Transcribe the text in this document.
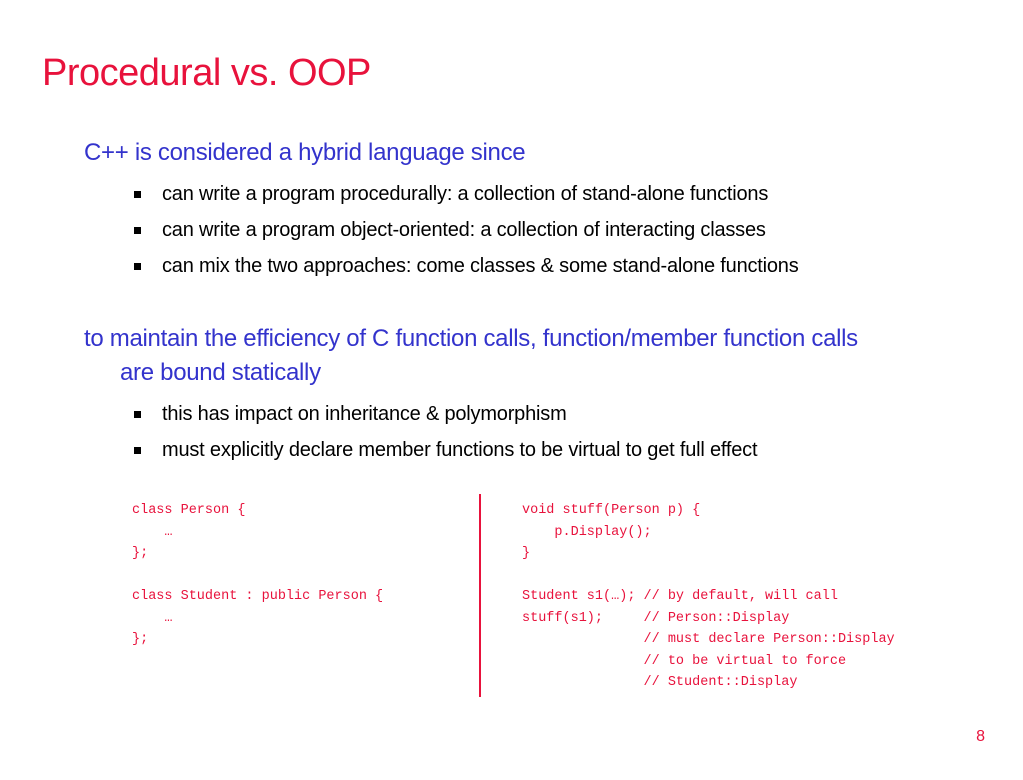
Procedural vs. OOP

C++ is considered a hybrid language since

can write a program procedurally: a collection of stand-alone functions
can write a program object-oriented: a collection of interacting classes
can mix the two approaches: come classes & some stand-alone functions

to maintain the efficiency of C function calls, function/member function calls
are bound statically

this has impact on inheritance & polymorphism
must explicitly declare member functions to be virtual to get full effect
class Person {
…
};

class Student : public Person {
…
};
void stuff(Person p) {
p.Display();
}

Student s1(…); // by default, will call
stuff(s1);     // Person::Display
// must declare Person::Display
// to be virtual to force
// Student::Display
8
